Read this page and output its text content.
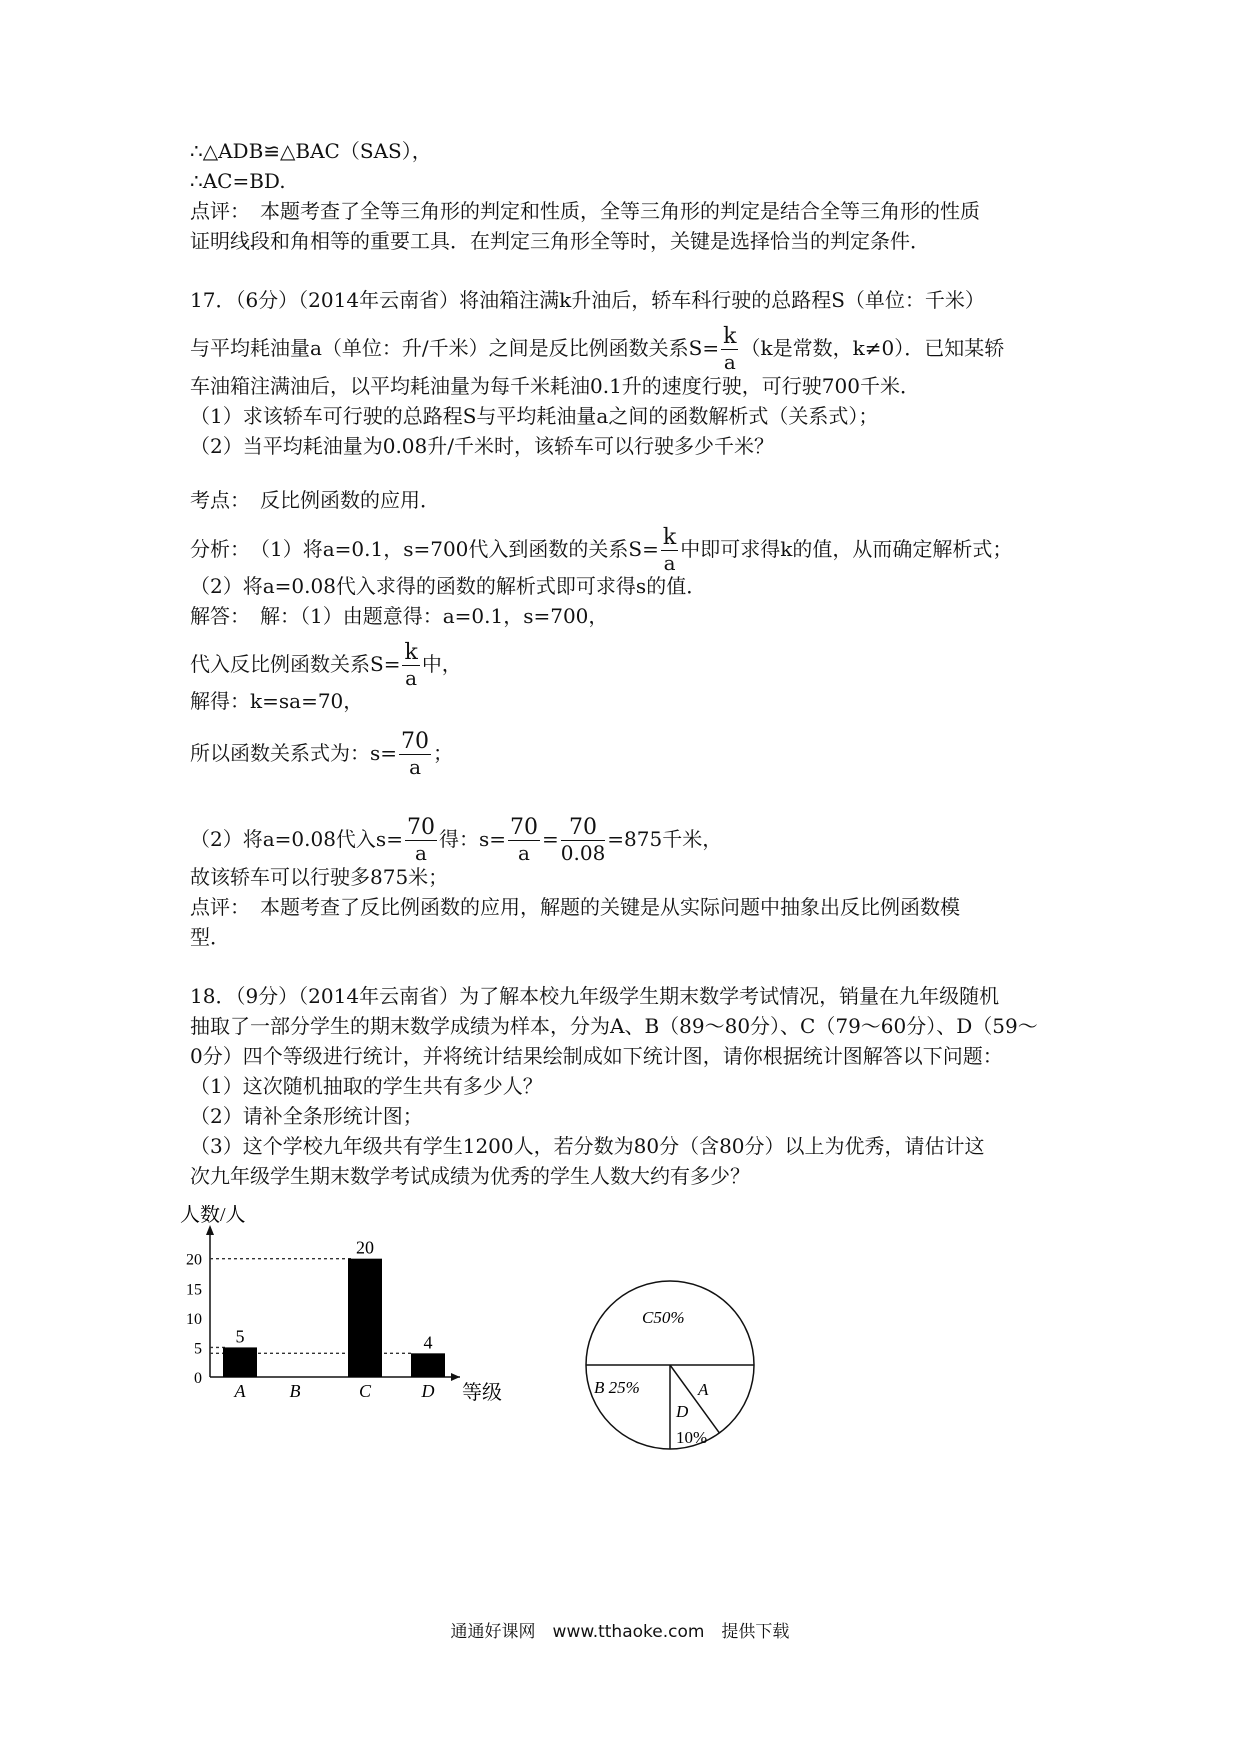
∴△ADB≌△BAC（SAS），
∴AC=BD.
点评：　本题考查了全等三角形的判定和性质，全等三角形的判定是结合全等三角形的性质
证明线段和角相等的重要工具．在判定三角形全等时，关键是选择恰当的判定条件．
17．（6分）（2014年云南省）将油箱注满k升油后，轿车科行驶的总路程S（单位：千米）
与平均耗油量a（单位：升/千米）之间是反比例函数关系$S= \frac{k}{a} (k$是常数，k≠0）．已知某轿
车油箱注满油后，以平均耗油量为每千米耗油0.1升的速度行驶，可行驶700千米．
（1）求该轿车可行驶的总路程S与平均耗油量a之间的函数解析式（关系式）；
（2）当平均耗油量为0.08升/千米时，该轿车可以行驶多少千米？
考点：　反比例函数的应用．
分析：　（1）将a=0.1，s=700代入到函数的关系$S= \frac{k}{a}$ 中即可求得k的值，从而确定解析式；
（2）将a=0.08代入求得的函数的解析式即可求得s的值．
解答：　解：（1）由题意得：a=0.1，s=700，
代入反比例函数关系$S= \frac{k}{a}$ 中，
解得：k=sa=70，
所以函数关系式为：$s= \frac{70}{a}$ ；
（2）将a=0.08代入$s= \frac{70}{a}$ 得：$s= \frac{70}{a} = \frac{70}{0.08} =875$千米，
故该轿车可以行驶多875米；
点评：　本题考查了反比例函数的应用，解题的关键是从实际问题中抽象出反比例函数模
型．
18．（9分）（2014年云南省）为了解本校九年级学生期末数学考试情况，销量在九年级随机
抽取了一部分学生的期末数学成绩为样本，分为A、B（89～80分）、C（79～60分）、D（59～
0分）四个等级进行统计，并将统计结果绘制成如下统计图，请你根据统计图解答以下问题：
（1）这次随机抽取的学生共有多少人？
（2）请补全条形统计图；
（3）这个学校九年级共有学生1200人，若分数为80分（含80分）以上为优秀，请估计这
次九年级学生期末数学考试成绩为优秀的学生人数大约有多少？
人数/人
等级
0
5
10
15
20
5
A B
20
C
4
D
C50%
B 25%	A
D
10%
通通好课网　www.tthaoke.com　提供下载
